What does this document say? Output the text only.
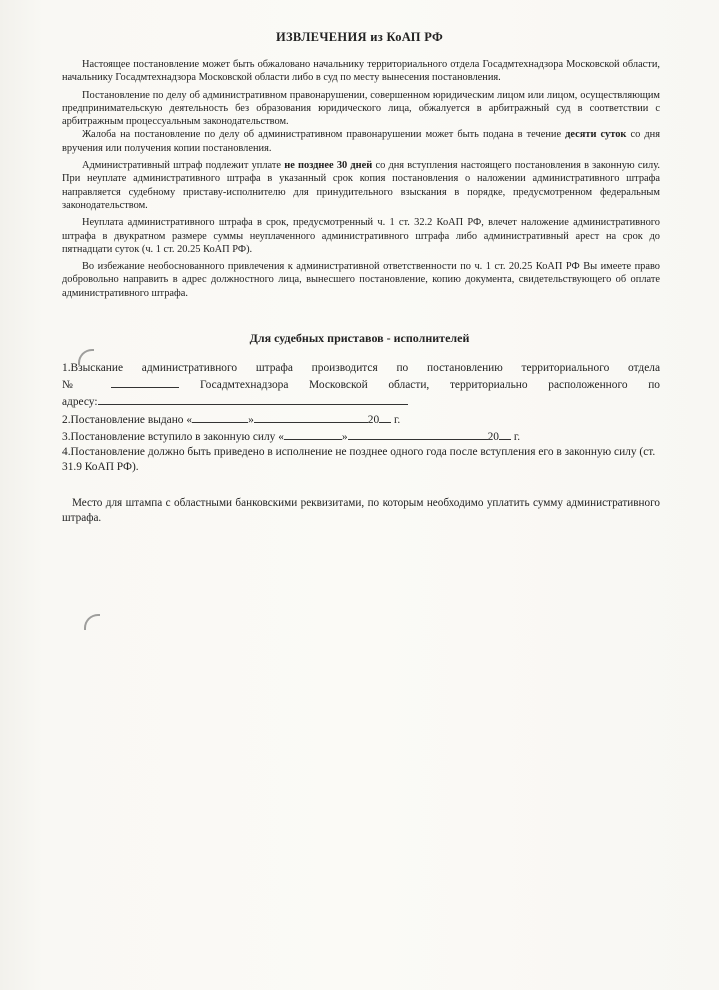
ИЗВЛЕЧЕНИЯ из КоАП РФ

Настоящее постановление может быть обжаловано начальнику территориального отдела Госадмтехнадзора Московской области, начальнику Госадмтехнадзора Московской области либо в суд по месту вынесения постановления.

Постановление по делу об административном правонарушении, совершенном юридическим лицом или лицом, осуществляющим предпринимательскую деятельность без образования юридического лица, обжалуется в арбитражный суд в соответствии с арбитражным процессуальным законодательством.

Жалоба на постановление по делу об административном правонарушении может быть подана в течение десяти суток со дня вручения или получения копии постановления.

Административный штраф подлежит уплате не позднее 30 дней со дня вступления настоящего постановления в законную силу. При неуплате административного штрафа в указанный срок копия постановления о наложении административного штрафа направляется судебному приставу-исполнителю для принудительного взыскания в порядке, предусмотренном федеральным законодательством.

Неуплата административного штрафа в срок, предусмотренный ч. 1 ст. 32.2 КоАП РФ, влечет наложение административного штрафа в двукратном размере суммы неуплаченного административного штрафа либо административный арест на срок до пятнадцати суток (ч. 1 ст. 20.25 КоАП РФ).

Во избежание необоснованного привлечения к административной ответственности по ч. 1 ст. 20.25 КоАП РФ Вы имеете право добровольно направить в адрес должностного лица, вынесшего постановление, копию документа, свидетельствующего об оплате административного штрафа.

Для судебных приставов - исполнителей
1.Взыскание административного штрафа производится по постановлению территориального отдела
№	Госадмтехнадзора Московской области, территориально расположенного по
адресу:
2.Постановление выдано «	»	20 г.
3.Постановление вступило в законную силу «	»	20 г.
4.Постановление должно быть приведено в исполнение не позднее одного года после вступления его в законную силу (ст. 31.9 КоАП РФ).
Место для штампа с областными банковскими реквизитами, по которым необходимо уплатить сумму административного штрафа.
